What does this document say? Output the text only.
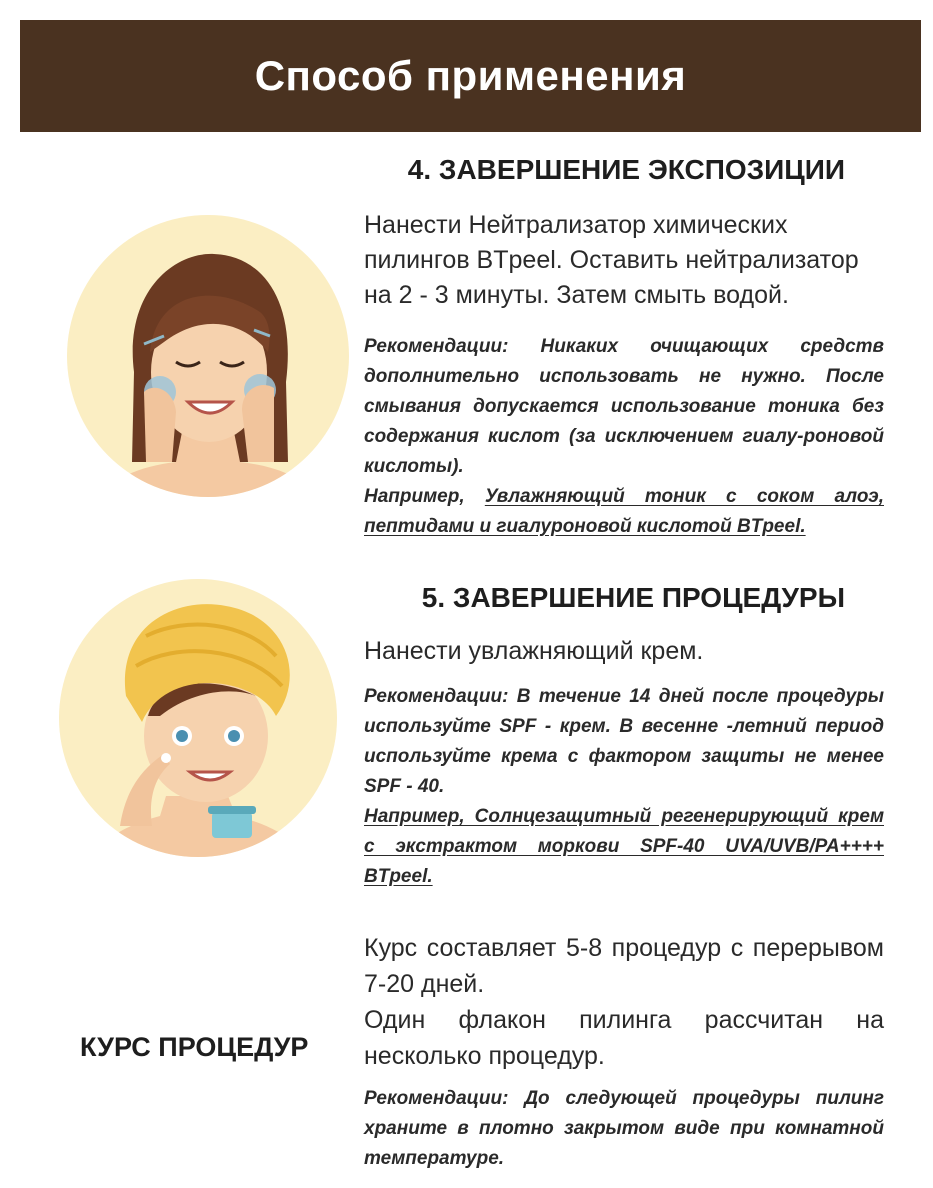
Способ применения
4. ЗАВЕРШЕНИЕ ЭКСПОЗИЦИИ
Нанести Нейтрализатор химических
пилингов BTpeel. Оставить нейтрализатор
на 2 - 3 минуты. Затем смыть водой.
Рекомендации: Никаких очищающих средств дополнительно использовать не нужно. После смывания допускается использование тоника без содержания кислот (за исключением гиалу-роновой кислоты).
Например, Увлажняющий тоник с соком алоэ, пептидами и гиалуроновой кислотой BTpeel.
5. ЗАВЕРШЕНИЕ ПРОЦЕДУРЫ
Нанести увлажняющий крем.
Рекомендации: В течение 14 дней после процедуры используйте SPF - крем. В весенне -летний период используйте крема с фактором защиты не менее SPF - 40.
Например, Солнцезащитный регенерирующий крем с экстрактом моркови SPF-40 UVA/UVB/PA++++ BTpeel.
КУРС ПРОЦЕДУР
Курс составляет 5-8 процедур с перерывом 7-20 дней.
Один флакон пилинга рассчитан на несколько процедур.
Рекомендации: До следующей процедуры пилинг храните в плотно закрытом виде при комнатной температуре.
